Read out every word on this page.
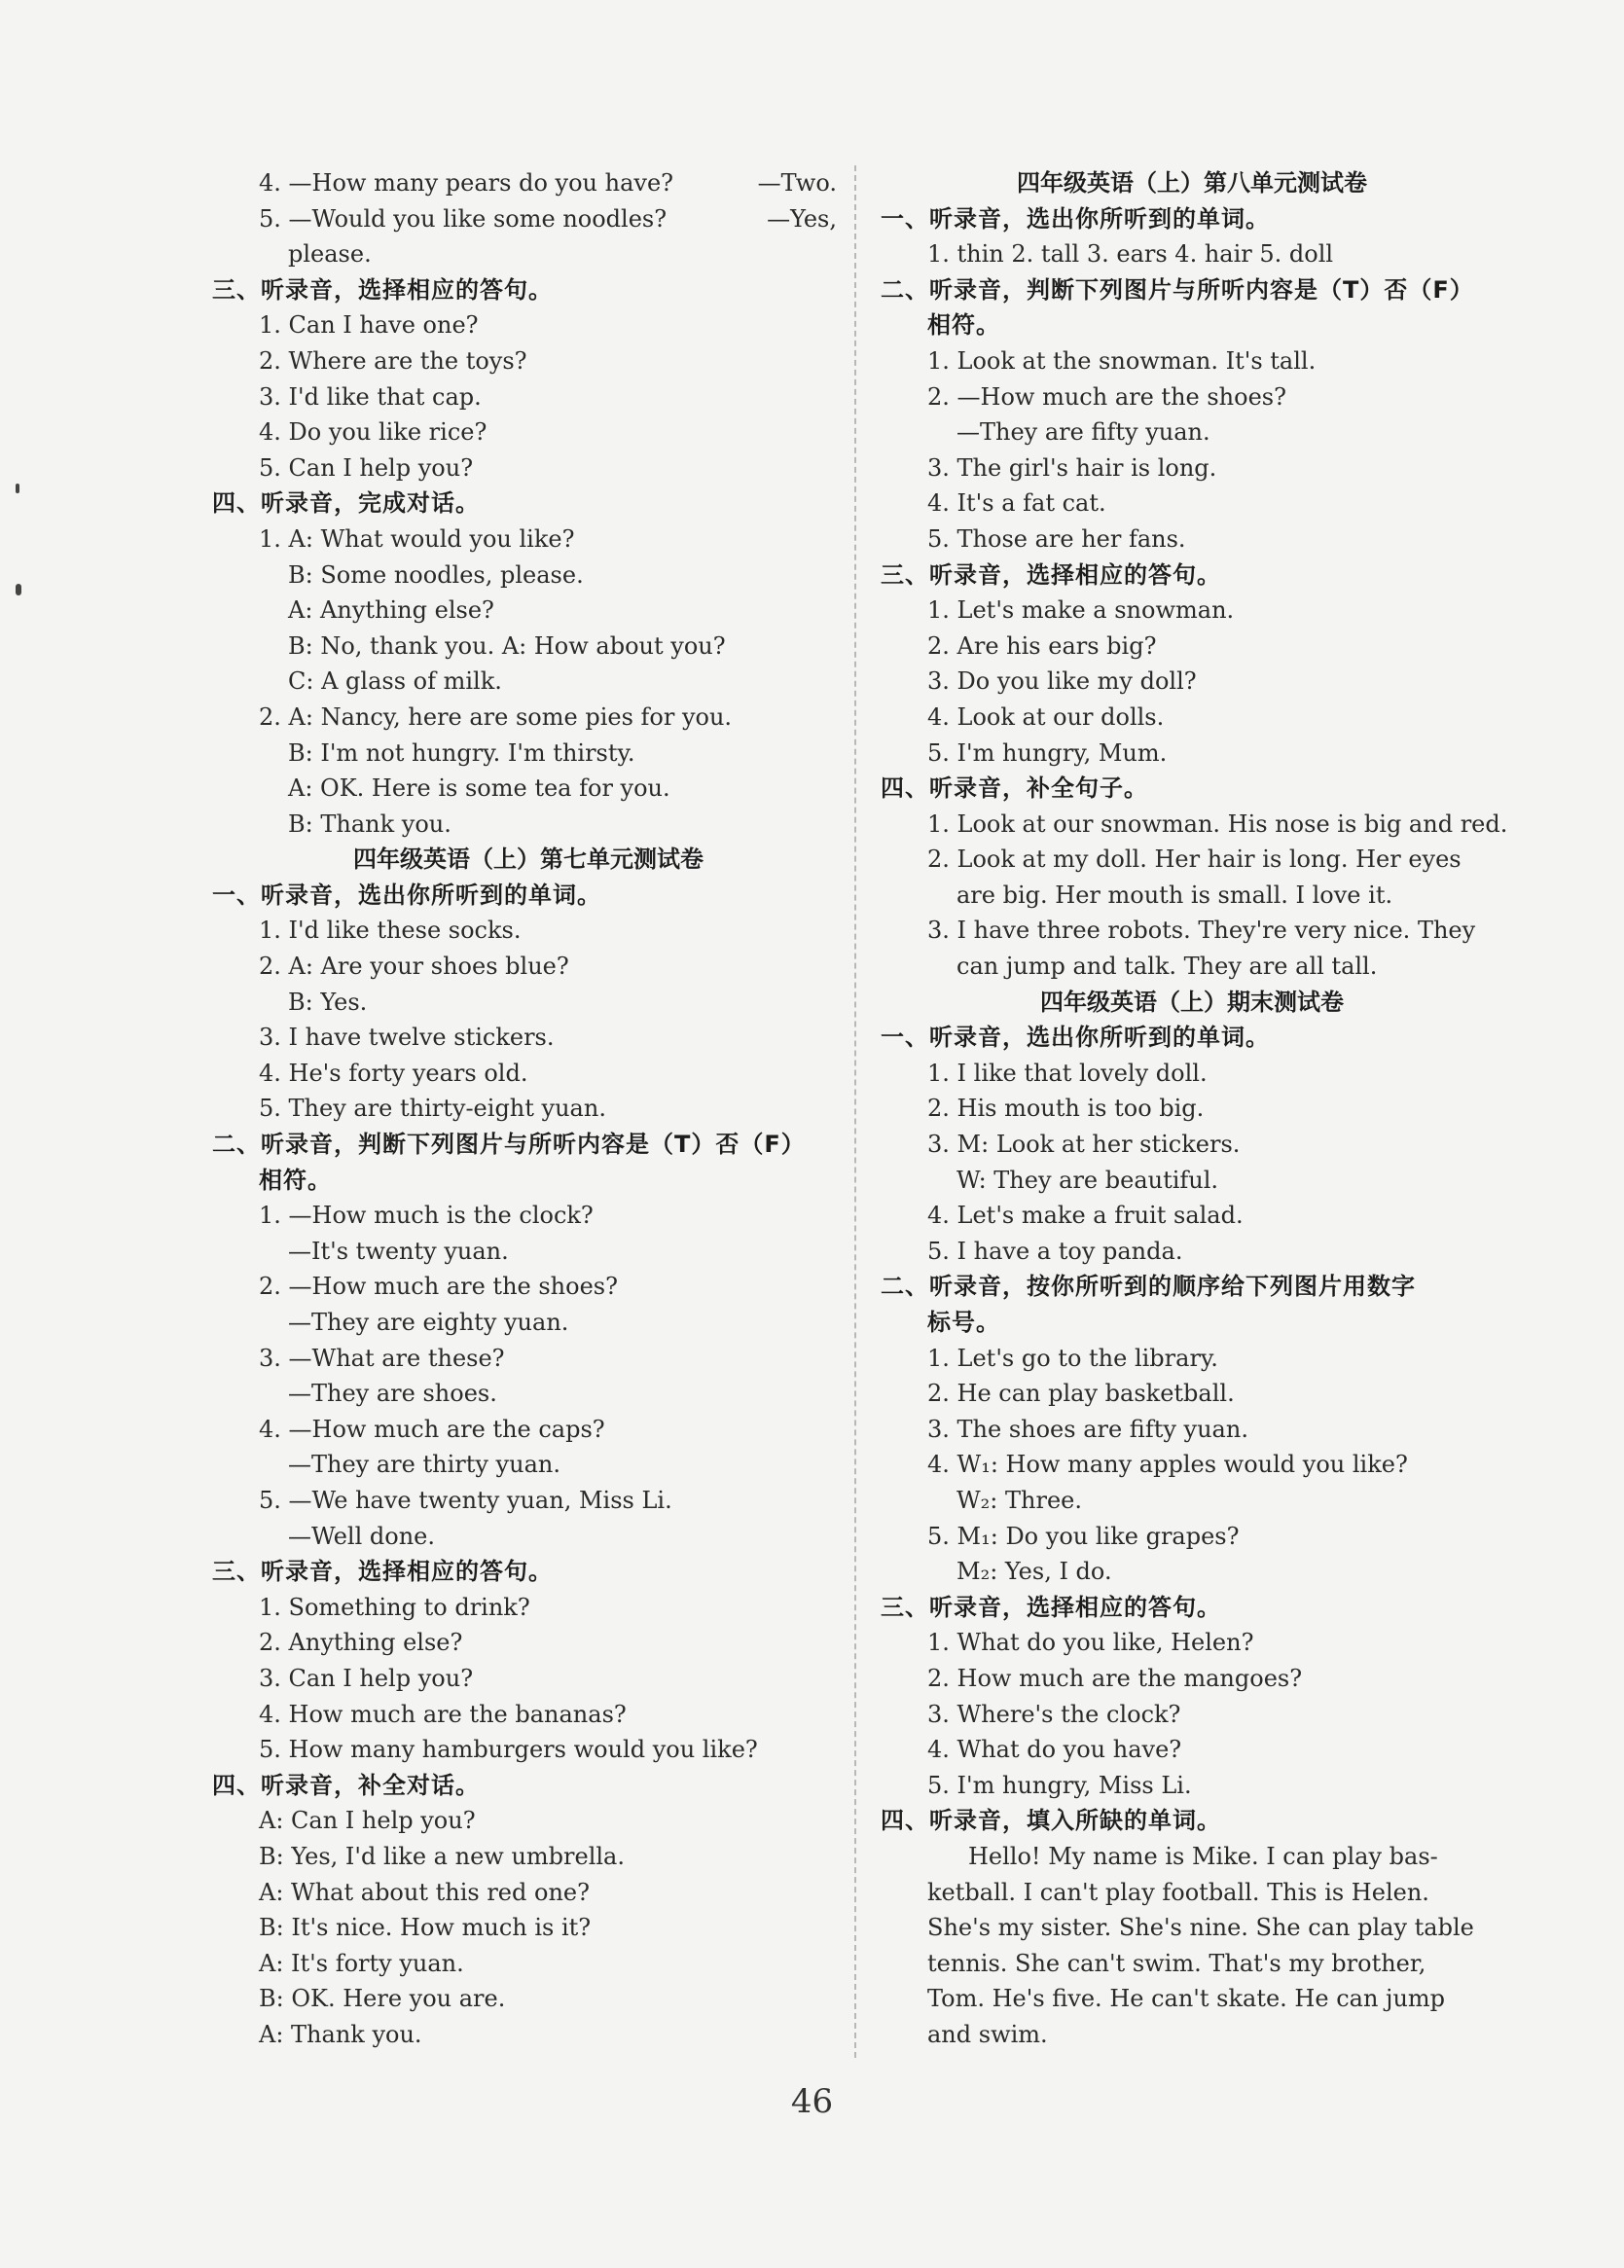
4. —How many pears do you have?	—Two.
5. —Would you like some noodles?	—Yes,
please.
三、听录音，选择相应的答句。
1. Can I have one?
2. Where are the toys?
3. I'd like that cap.
4. Do you like rice?
5. Can I help you?
四、听录音，完成对话。
1. A: What would you like?
B: Some noodles, please.
A: Anything else?
B: No, thank you. A: How about you?
C: A glass of milk.
2. A: Nancy, here are some pies for you.
B: I'm not hungry. I'm thirsty.
A: OK. Here is some tea for you.
B: Thank you.
四年级英语（上）第七单元测试卷
一、听录音，选出你所听到的单词。
1. I'd like these socks.
2. A: Are your shoes blue?
B: Yes.
3. I have twelve stickers.
4. He's forty years old.
5. They are thirty-eight yuan.
二、听录音，判断下列图片与所听内容是（T）否（F）
相符。
1. —How much is the clock?
—It's twenty yuan.
2. —How much are the shoes?
—They are eighty yuan.
3. —What are these?
—They are shoes.
4. —How much are the caps?
—They are thirty yuan.
5. —We have twenty yuan, Miss Li.
—Well done.
三、听录音，选择相应的答句。
1. Something to drink?
2. Anything else?
3. Can I help you?
4. How much are the bananas?
5. How many hamburgers would you like?
四、听录音，补全对话。
A: Can I help you?
B: Yes, I'd like a new umbrella.
A: What about this red one?
B: It's nice. How much is it?
A: It's forty yuan.
B: OK. Here you are.
A: Thank you.
四年级英语（上）第八单元测试卷
一、听录音，选出你所听到的单词。
1. thin 2. tall 3. ears 4. hair 5. doll
二、听录音，判断下列图片与所听内容是（T）否（F）
相符。
1. Look at the snowman. It's tall.
2. —How much are the shoes?
—They are fifty yuan.
3. The girl's hair is long.
4. It's a fat cat.
5. Those are her fans.
三、听录音，选择相应的答句。
1. Let's make a snowman.
2. Are his ears big?
3. Do you like my doll?
4. Look at our dolls.
5. I'm hungry, Mum.
四、听录音，补全句子。
1. Look at our snowman. His nose is big and red.
2. Look at my doll. Her hair is long. Her eyes
are big. Her mouth is small. I love it.
3. I have three robots. They're very nice. They
can jump and talk. They are all tall.
四年级英语（上）期末测试卷
一、听录音，选出你所听到的单词。
1. I like that lovely doll.
2. His mouth is too big.
3. M: Look at her stickers.
W: They are beautiful.
4. Let's make a fruit salad.
5. I have a toy panda.
二、听录音，按你所听到的顺序给下列图片用数字
标号。
1. Let's go to the library.
2. He can play basketball.
3. The shoes are fifty yuan.
4. W₁: How many apples would you like?
W₂: Three.
5. M₁: Do you like grapes?
M₂: Yes, I do.
三、听录音，选择相应的答句。
1. What do you like, Helen?
2. How much are the mangoes?
3. Where's the clock?
4. What do you have?
5. I'm hungry, Miss Li.
四、听录音，填入所缺的单词。
Hello! My name is Mike. I can play bas-
ketball. I can't play football. This is Helen.
She's my sister. She's nine. She can play table
tennis. She can't swim. That's my brother,
Tom. He's five. He can't skate. He can jump
and swim.
46
